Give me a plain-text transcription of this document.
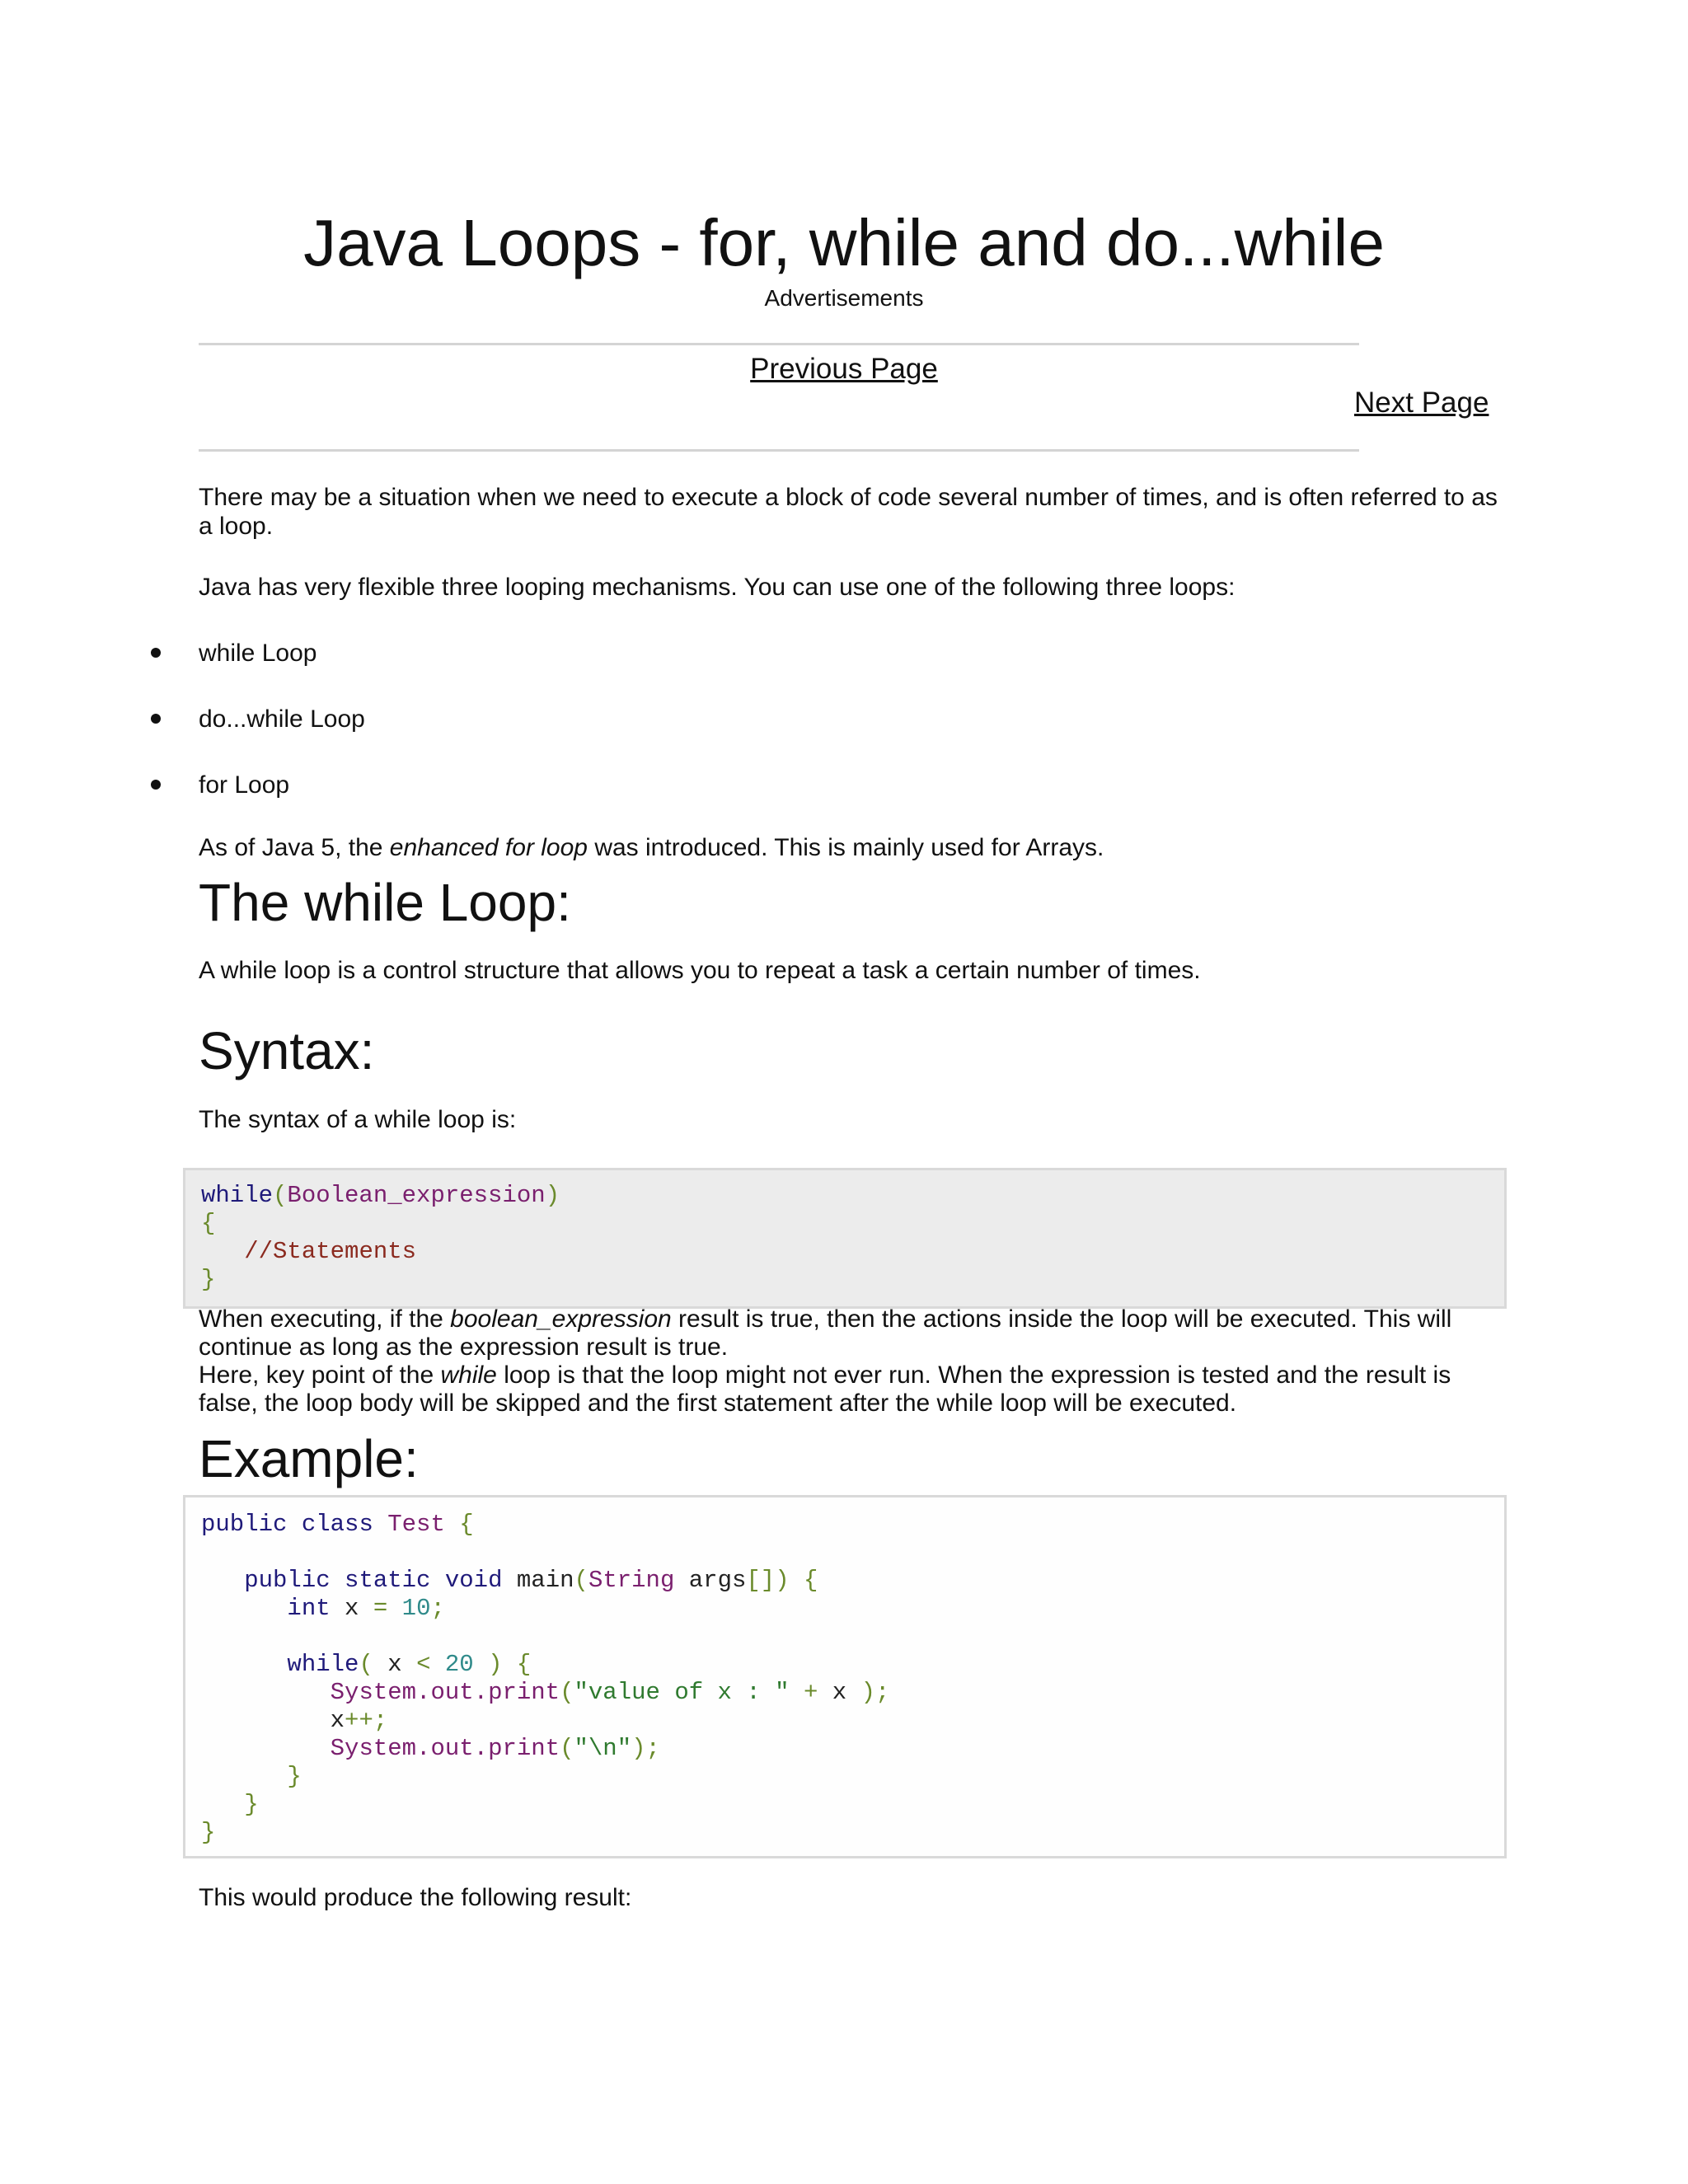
Java Loops - for, while and do...while
Advertisements
Previous Page
Next Page
There may be a situation when we need to execute a block of code several number of times, and is often referred to as a loop.
Java has very flexible three looping mechanisms. You can use one of the following three loops:
while Loop
do...while Loop
for Loop
As of Java 5, the enhanced for loop was introduced. This is mainly used for Arrays.
The while Loop:
A while loop is a control structure that allows you to repeat a task a certain number of times.
Syntax:
The syntax of a while loop is:
while(Boolean_expression)
{
//Statements
}
When executing, if the boolean_expression result is true, then the actions inside the loop will be executed. This will continue as long as the expression result is true.
Here, key point of the while loop is that the loop might not ever run. When the expression is tested and the result is false, the loop body will be skipped and the first statement after the while loop will be executed.
Example:
public class Test {

public static void main(String args[]) {
int x = 10;

while( x < 20 ) {
System.out.print("value of x : " + x );
x++;
System.out.print("\n");
}
}
}
This would produce the following result:
